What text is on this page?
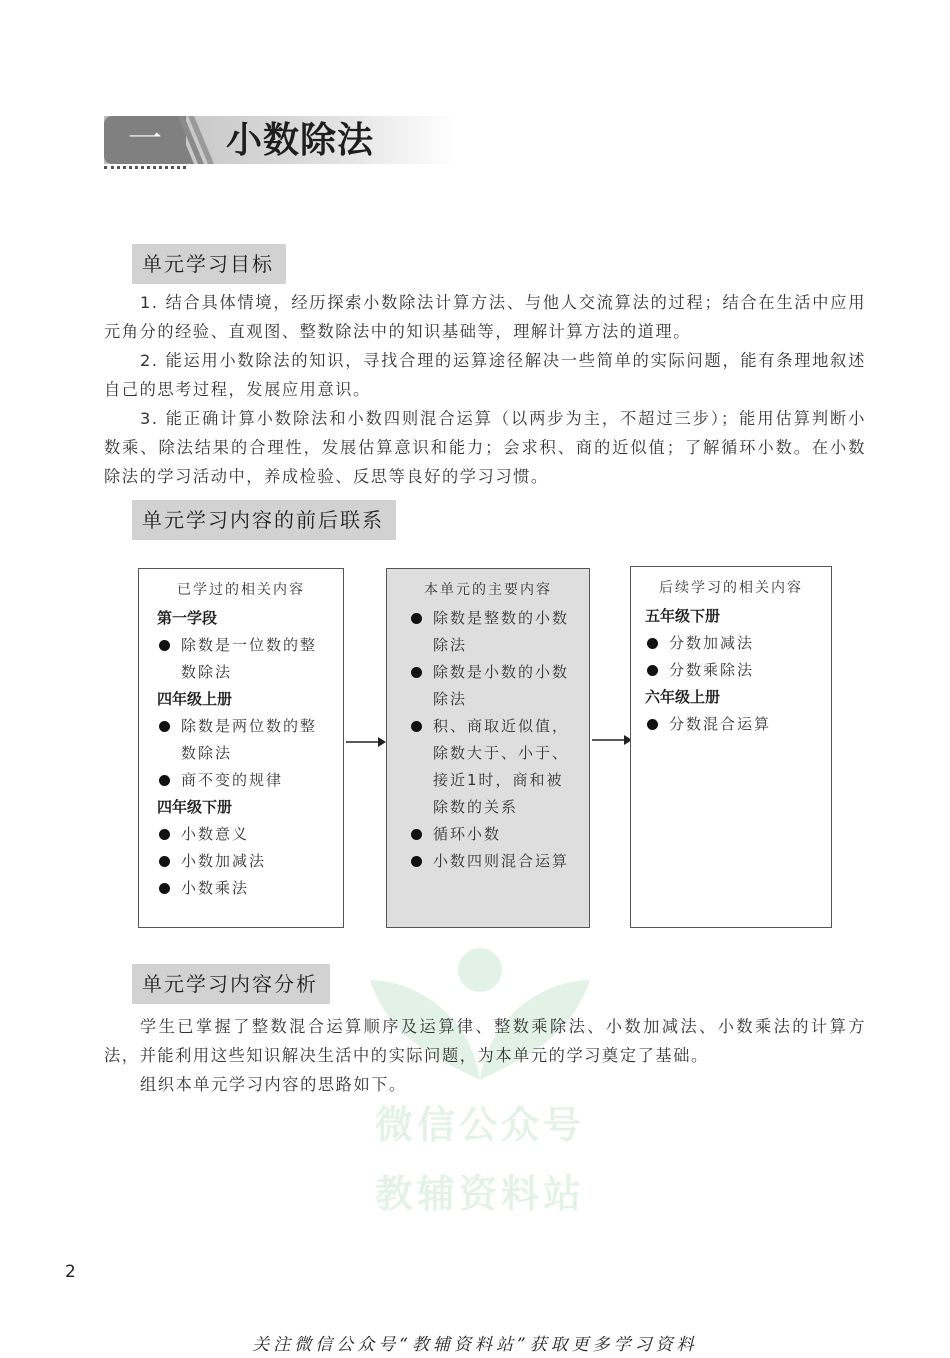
一	小数除法
微信公众号
教辅资料站
单元学习目标
1. 结合具体情境，经历探索小数除法计算方法、与他人交流算法的过程；结合在生活中应用元角分的经验、直观图、整数除法中的知识基础等，理解计算方法的道理。
2. 能运用小数除法的知识，寻找合理的运算途径解决一些简单的实际问题，能有条理地叙述自己的思考过程，发展应用意识。
3. 能正确计算小数除法和小数四则混合运算（以两步为主，不超过三步）；能用估算判断小数乘、除法结果的合理性，发展估算意识和能力；会求积、商的近似值；了解循环小数。在小数除法的学习活动中，养成检验、反思等良好的学习习惯。
单元学习内容的前后联系
已学过的相关内容
第一学段
除数是一位数的整数除法
四年级上册
除数是两位数的整数除法
商不变的规律
四年级下册
小数意义
小数加减法
小数乘法
本单元的主要内容
除数是整数的小数除法
除数是小数的小数除法
积、商取近似值，除数大于、小于、接近1时，商和被除数的关系
循环小数
小数四则混合运算
后续学习的相关内容
五年级下册
分数加减法
分数乘除法
六年级上册
分数混合运算
单元学习内容分析
学生已掌握了整数混合运算顺序及运算律、整数乘除法、小数加减法、小数乘法的计算方法，并能利用这些知识解决生活中的实际问题，为本单元的学习奠定了基础。
组织本单元学习内容的思路如下。
2
关注微信公众号“教辅资料站”获取更多学习资料
